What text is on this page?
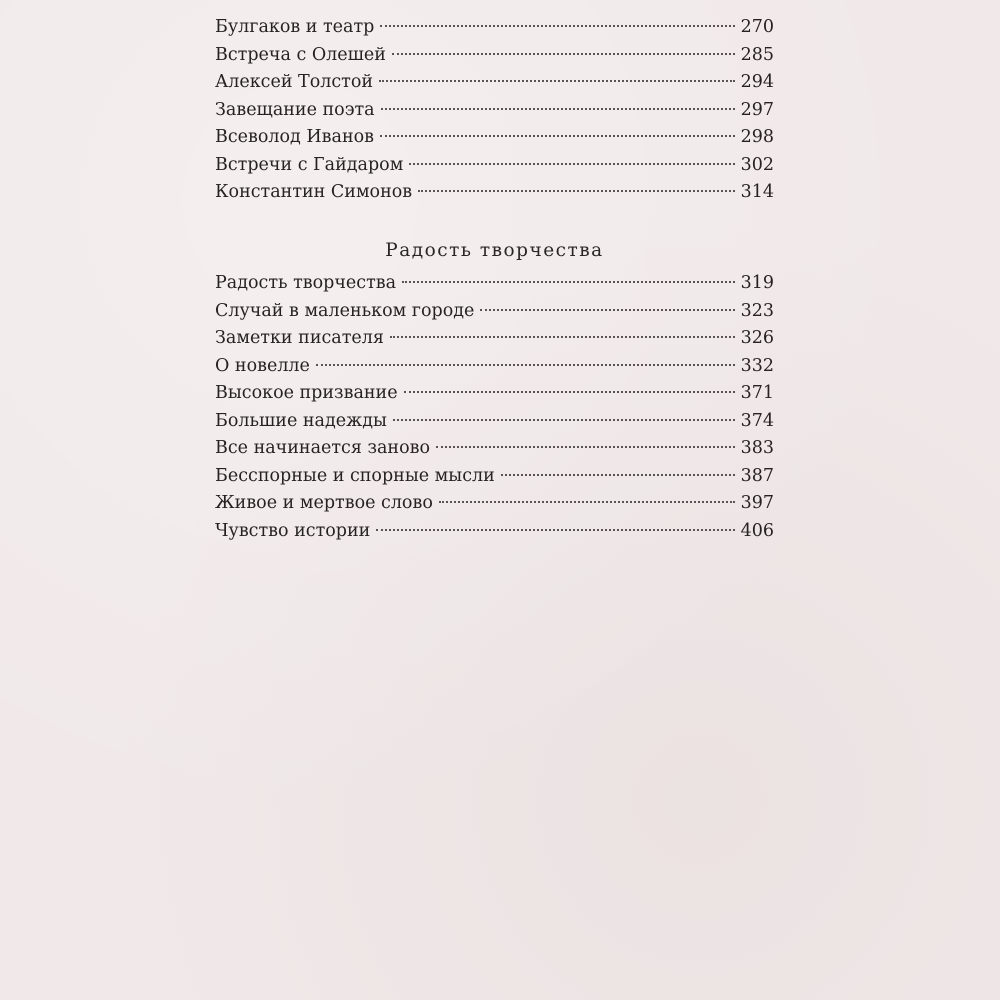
Булгаков и театр	270
Встреча с Олешей	285
Алексей Толстой	294
Завещание поэта	297
Всеволод Иванов	298
Встречи с Гайдаром	302
Константин Симонов	314
Радость творчества
Радость творчества	319
Случай в маленьком городе	323
Заметки писателя	326
О новелле	332
Высокое призвание	371
Большие надежды	374
Все начинается заново	383
Бесспорные и спорные мысли	387
Живое и мертвое слово	397
Чувство истории	406
